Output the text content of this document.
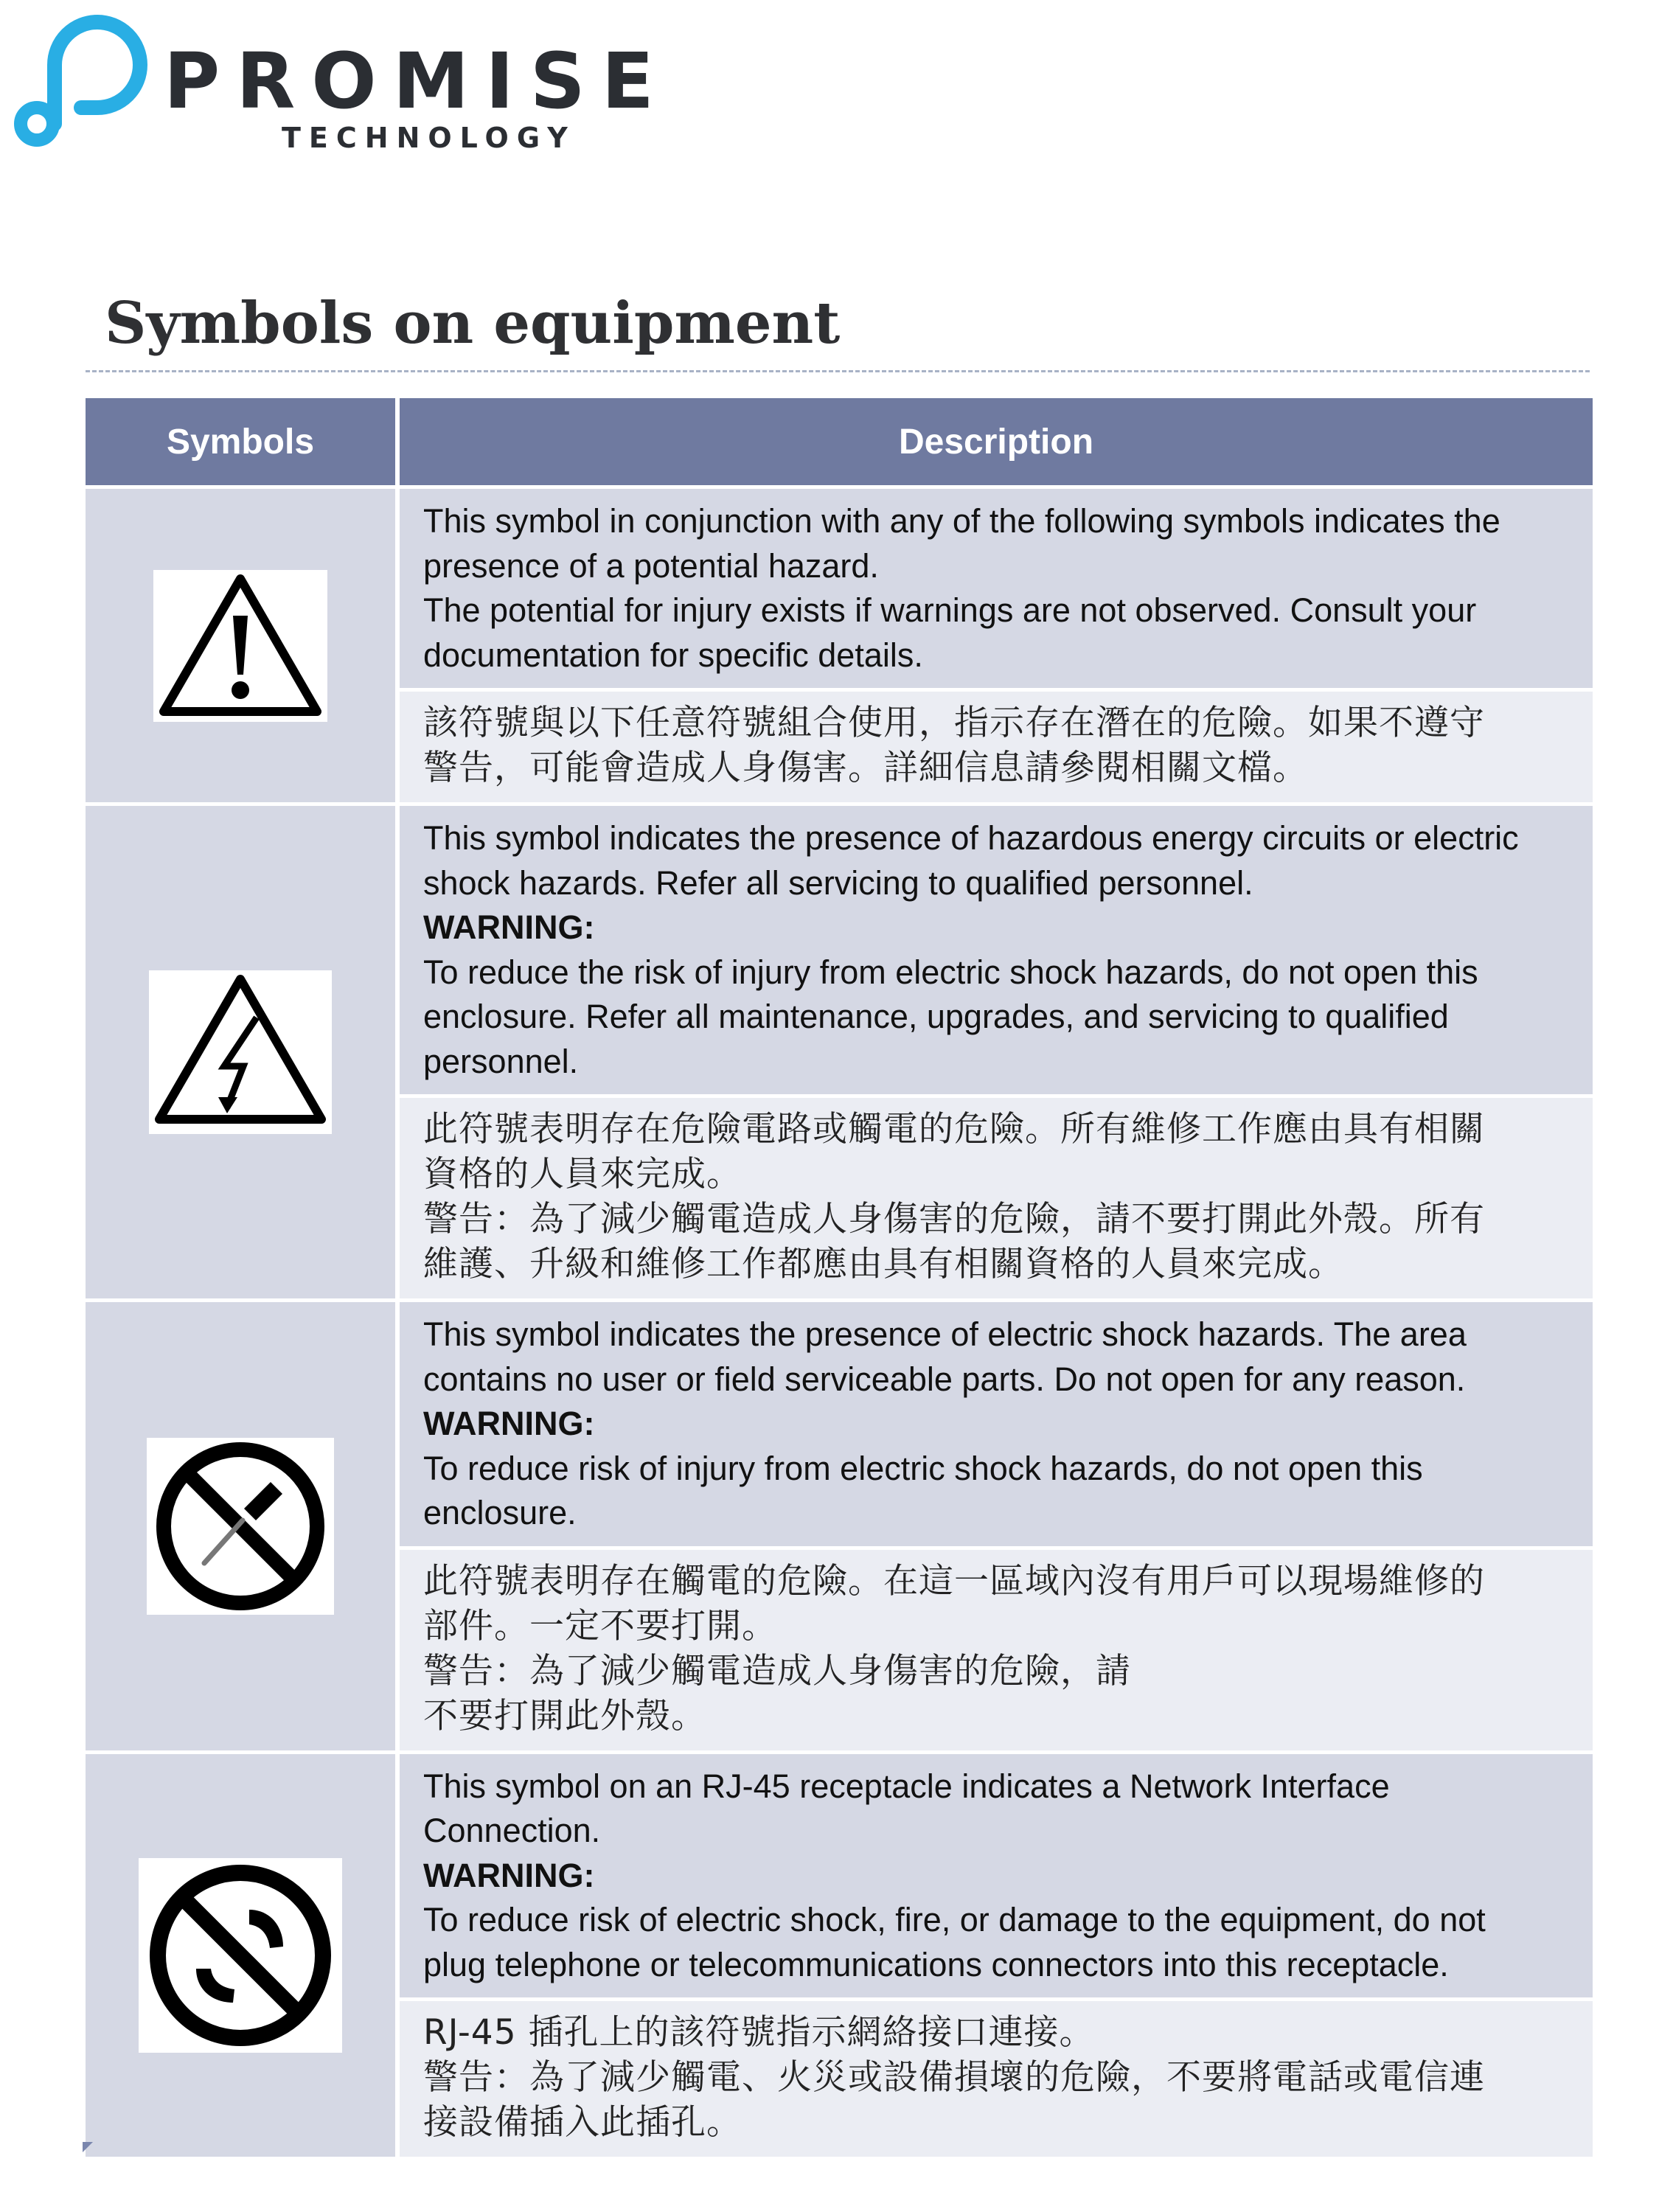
PROMISE
TECHNOLOGY
Symbols on equipment
Symbols	Description
This symbol in conjunction with any of the following symbols indicates the
presence of a potential hazard.
The potential for injury exists if warnings are not observed. Consult your
documentation for specific details.
該符號與以下任意符號組合使用，指示存在潛在的危險。如果不遵守
警告，可能會造成人身傷害。詳細信息請參閱相關文檔。
This symbol indicates the presence of hazardous energy circuits or electric
shock hazards. Refer all servicing to qualified personnel.
WARNING:
To reduce the risk of injury from electric shock hazards, do not open this
enclosure. Refer all maintenance, upgrades, and servicing to qualified
personnel.
此符號表明存在危險電路或觸電的危險。所有維修工作應由具有相關
資格的人員來完成。
警告：為了減少觸電造成人身傷害的危險，請不要打開此外殼。所有
維護、升級和維修工作都應由具有相關資格的人員來完成。
This symbol indicates the presence of electric shock hazards. The area
contains no user or field serviceable parts. Do not open for any reason.
WARNING:
To reduce risk of injury from electric shock hazards, do not open this
enclosure.
此符號表明存在觸電的危險。在這一區域內沒有用戶可以現場維修的
部件。一定不要打開。
警告：為了減少觸電造成人身傷害的危險，請
不要打開此外殼。
This symbol on an RJ-45 receptacle indicates a Network Interface
Connection.
WARNING:
To reduce risk of electric shock, fire, or damage to the equipment, do not
plug telephone or telecommunications connectors into this receptacle.
RJ-45 插孔上的該符號指示網絡接口連接。
警告：為了減少觸電、火災或設備損壞的危險，不要將電話或電信連
接設備插入此插孔。
